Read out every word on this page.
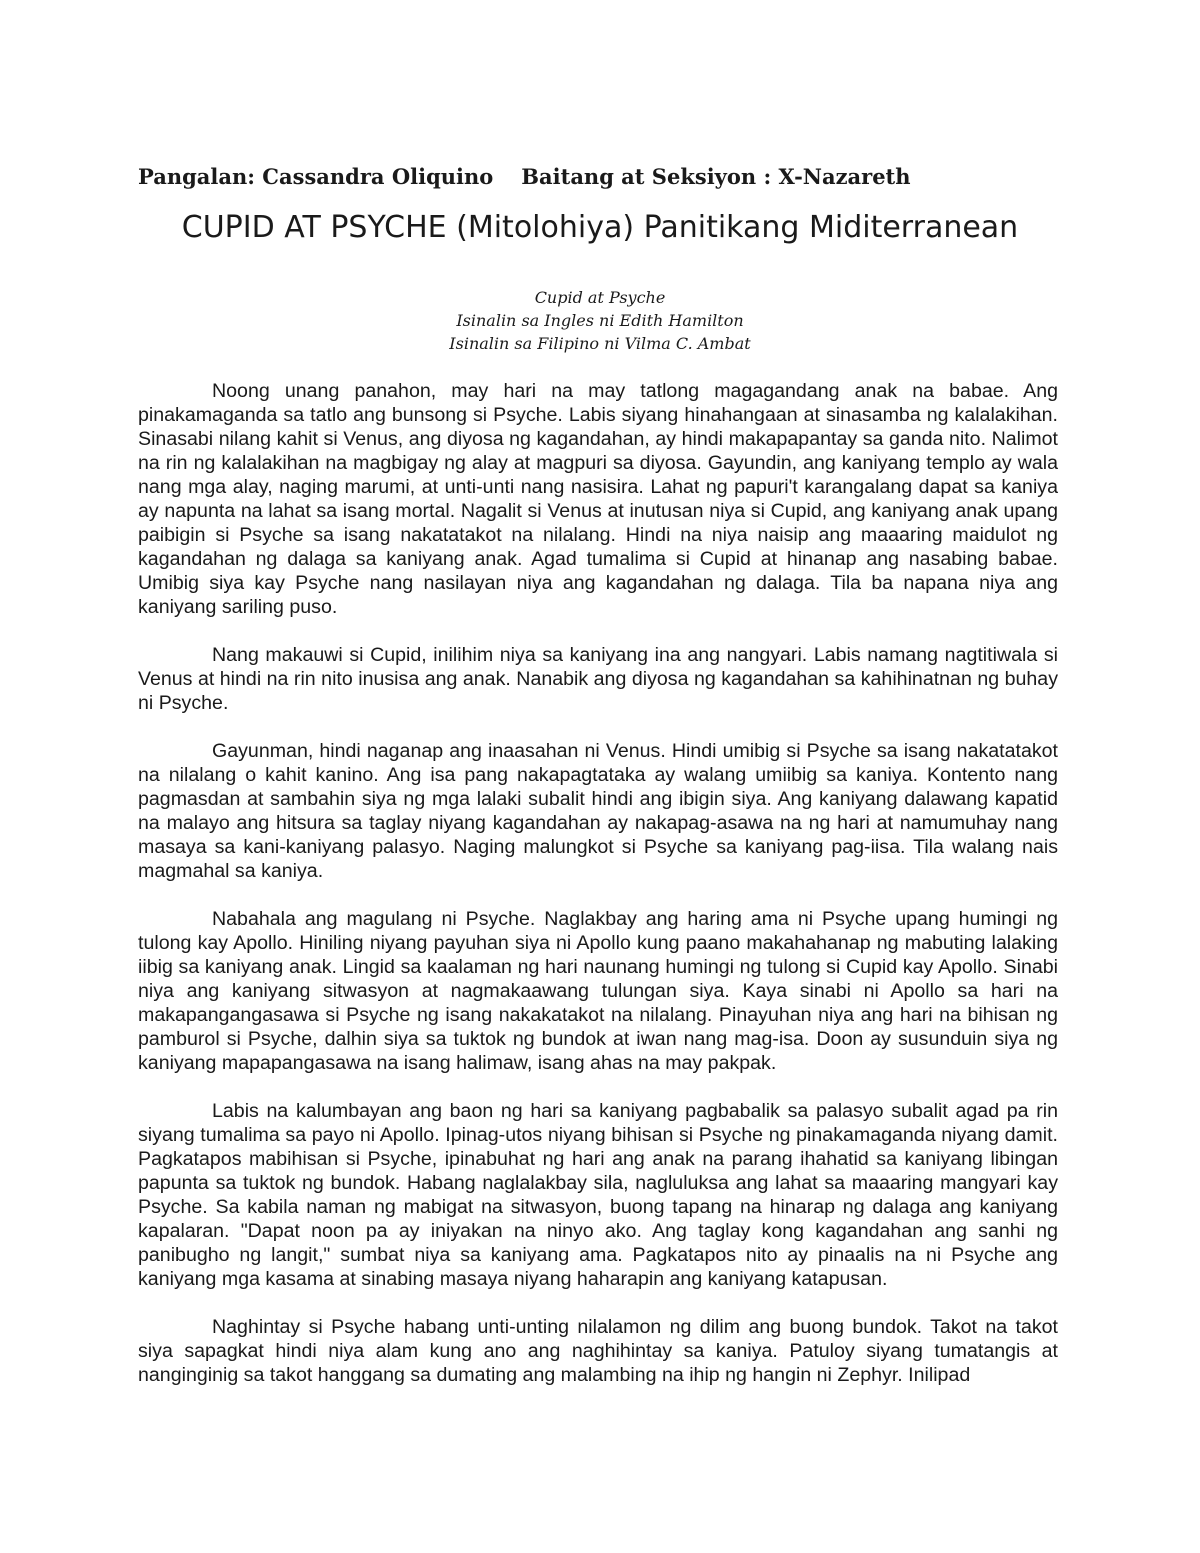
Pangalan: Cassandra Oliquino Baitang at Seksiyon : X-Nazareth
CUPID AT PSYCHE (Mitolohiya) Panitikang Miditerranean
Cupid at Psyche
Isinalin sa Ingles ni Edith Hamilton
Isinalin sa Filipino ni Vilma C. Ambat

Noong unang panahon, may hari na may tatlong magagandang anak na babae. Ang pinakamaganda sa tatlo ang bunsong si Psyche. Labis siyang hinahangaan at sinasamba ng kalalakihan. Sinasabi nilang kahit si Venus, ang diyosa ng kagandahan, ay hindi makapapantay sa ganda nito. Nalimot na rin ng kalalakihan na magbigay ng alay at magpuri sa diyosa. Gayundin, ang kaniyang templo ay wala nang mga alay, naging marumi, at unti-unti nang nasisira. Lahat ng papuri't karangalang dapat sa kaniya ay napunta na lahat sa isang mortal. Nagalit si Venus at inutusan niya si Cupid, ang kaniyang anak upang paibigin si Psyche sa isang nakatatakot na nilalang. Hindi na niya naisip ang maaaring maidulot ng kagandahan ng dalaga sa kaniyang anak. Agad tumalima si Cupid at hinanap ang nasabing babae. Umibig siya kay Psyche nang nasilayan niya ang kagandahan ng dalaga. Tila ba napana niya ang kaniyang sariling puso.

Nang makauwi si Cupid, inilihim niya sa kaniyang ina ang nangyari. Labis namang nagtitiwala si Venus at hindi na rin nito inusisa ang anak. Nanabik ang diyosa ng kagandahan sa kahihinatnan ng buhay ni Psyche.

Gayunman, hindi naganap ang inaasahan ni Venus. Hindi umibig si Psyche sa isang nakatatakot na nilalang o kahit kanino. Ang isa pang nakapagtataka ay walang umiibig sa kaniya. Kontento nang pagmasdan at sambahin siya ng mga lalaki subalit hindi ang ibigin siya. Ang kaniyang dalawang kapatid na malayo ang hitsura sa taglay niyang kagandahan ay nakapag-asawa na ng hari at namumuhay nang masaya sa kani-kaniyang palasyo. Naging malungkot si Psyche sa kaniyang pag-iisa. Tila walang nais magmahal sa kaniya.

Nabahala ang magulang ni Psyche. Naglakbay ang haring ama ni Psyche upang humingi ng tulong kay Apollo. Hiniling niyang payuhan siya ni Apollo kung paano makahahanap ng mabuting lalaking iibig sa kaniyang anak. Lingid sa kaalaman ng hari naunang humingi ng tulong si Cupid kay Apollo. Sinabi niya ang kaniyang sitwasyon at nagmakaawang tulungan siya. Kaya sinabi ni Apollo sa hari na makapangangasawa si Psyche ng isang nakakatakot na nilalang. Pinayuhan niya ang hari na bihisan ng pamburol si Psyche, dalhin siya sa tuktok ng bundok at iwan nang mag-isa. Doon ay susunduin siya ng kaniyang mapapangasawa na isang halimaw, isang ahas na may pakpak.

Labis na kalumbayan ang baon ng hari sa kaniyang pagbabalik sa palasyo subalit agad pa rin siyang tumalima sa payo ni Apollo. Ipinag-utos niyang bihisan si Psyche ng pinakamaganda niyang damit. Pagkatapos mabihisan si Psyche, ipinabuhat ng hari ang anak na parang ihahatid sa kaniyang libingan papunta sa tuktok ng bundok. Habang naglalakbay sila, nagluluksa ang lahat sa maaaring mangyari kay Psyche. Sa kabila naman ng mabigat na sitwasyon, buong tapang na hinarap ng dalaga ang kaniyang kapalaran. "Dapat noon pa ay iniyakan na ninyo ako. Ang taglay kong kagandahan ang sanhi ng panibugho ng langit," sumbat niya sa kaniyang ama. Pagkatapos nito ay pinaalis na ni Psyche ang kaniyang mga kasama at sinabing masaya niyang haharapin ang kaniyang katapusan.

Naghintay si Psyche habang unti-unting nilalamon ng dilim ang buong bundok. Takot na takot siya sapagkat hindi niya alam kung ano ang naghihintay sa kaniya. Patuloy siyang tumatangis at nanginginig sa takot hanggang sa dumating ang malambing na ihip ng hangin ni Zephyr. Inilipad
